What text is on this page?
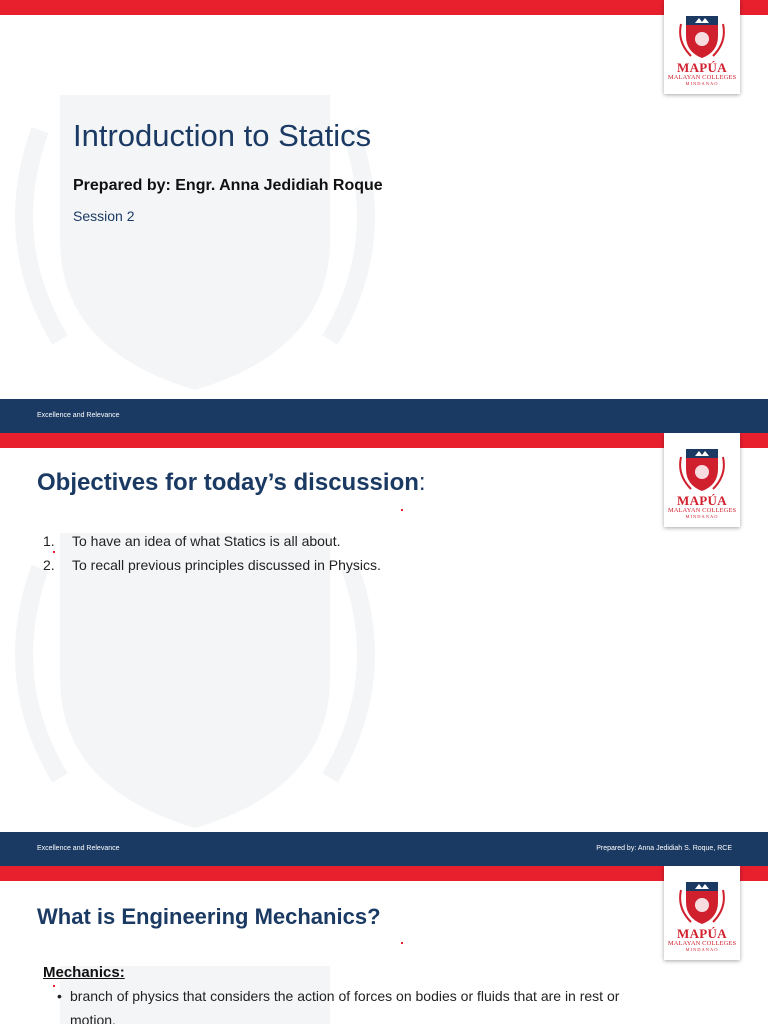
MAPÚA
MALAYAN COLLEGES
MINDANAO
Introduction to Statics
Prepared by: Engr. Anna Jedidiah Roque
Session 2
Excellence and Relevance
MAPÚA
MALAYAN COLLEGES
MINDANAO
Objectives for today’s discussion:
1. To have an idea of what Statics is all about.
2. To recall previous principles discussed in Physics.
Excellence and Relevance	Prepared by: Anna Jedidiah S. Roque, RCE
MAPÚA
MALAYAN COLLEGES
MINDANAO
What is Engineering Mechanics?
Mechanics:
• branch of physics that considers the action of forces on bodies or fluids that are in rest or
motion.
